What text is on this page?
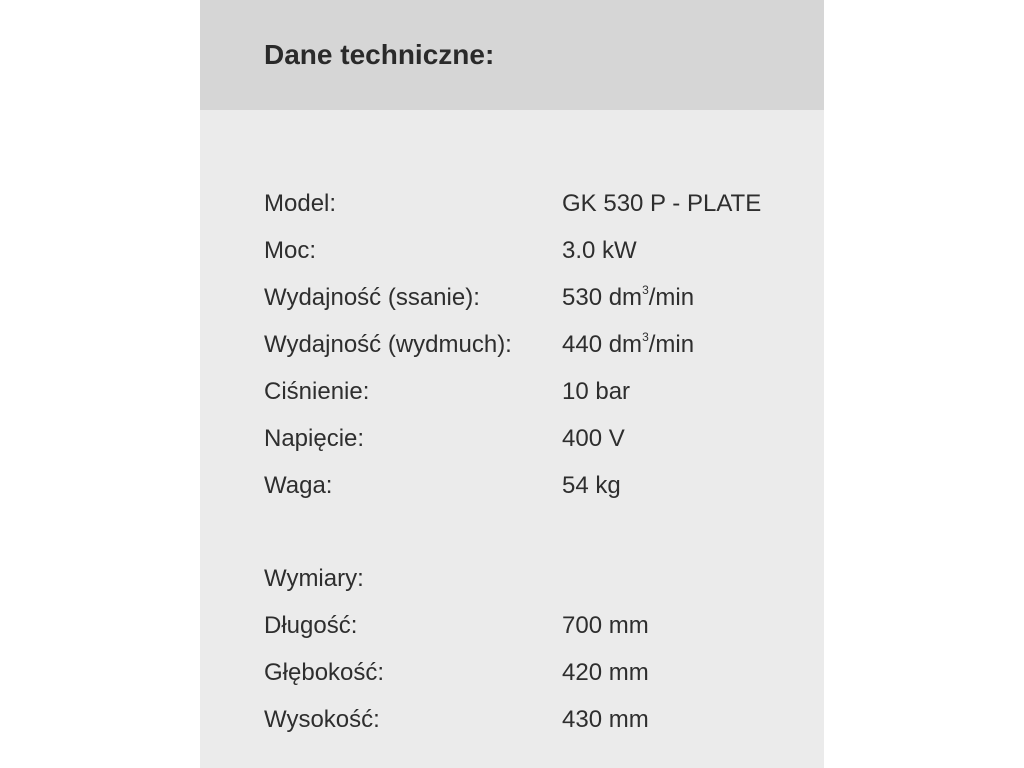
Dane techniczne:
Model:	GK 530 P - PLATE
Moc:	3.0 kW
Wydajność (ssanie):	530 $dm^3/\min$
Wydajność (wydmuch): 440 $dm^3/\min$
Ciśnienie:	10 bar
Napięcie:	400 V
Waga:	54 kg
Wymiary:
Długość:	700 mm
Głębokość:	420 mm
Wysokość:	430 mm
